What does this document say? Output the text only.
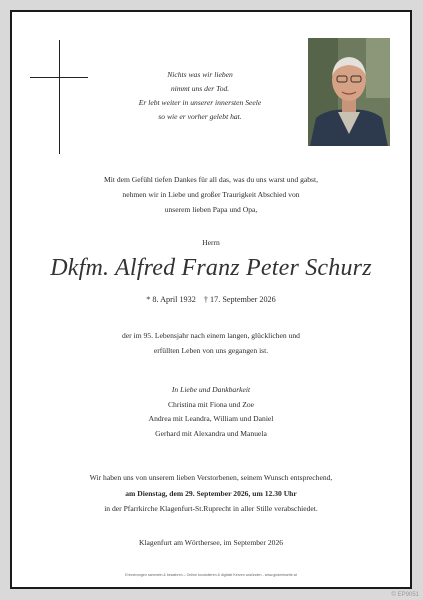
Nichts was wir lieben
nimmt uns der Tod.
Er lebt weiter in unserer innersten Seele
so wie er vorher gelebt hat.
Mit dem Gefühl tiefen Dankes für all das, was du uns warst und gabst,
nehmen wir in Liebe und großer Traurigkeit Abschied von
unserem lieben Papa und Opa,
Herrn
Dkfm. Alfred Franz Peter Schurz
* 8. April 1932 † 17. September 2026
der im 95. Lebensjahr nach einem langen, glücklichen und
erfüllten Leben von uns gegangen ist.
In Liebe und Dankbarkeit
Christina mit Fiona und Zoe
Andrea mit Leandra, William und Daniel
Gerhard mit Alexandra und Manuela
Wir haben uns von unserem lieben Verstorbenen, seinem Wunsch entsprechend,
am Dienstag, dem 29. September 2026, um 12.30 Uhr
in der Pfarrkirche Klagenfurt-St.Ruprecht in aller Stille verabschiedet.
Klagenfurt am Wörthersee, im September 2026
Erinnerungen sammeln & bewahren – Online kondolieren & digitale Kerzen anzünden - www.gedenkseite.at
© EP9051
